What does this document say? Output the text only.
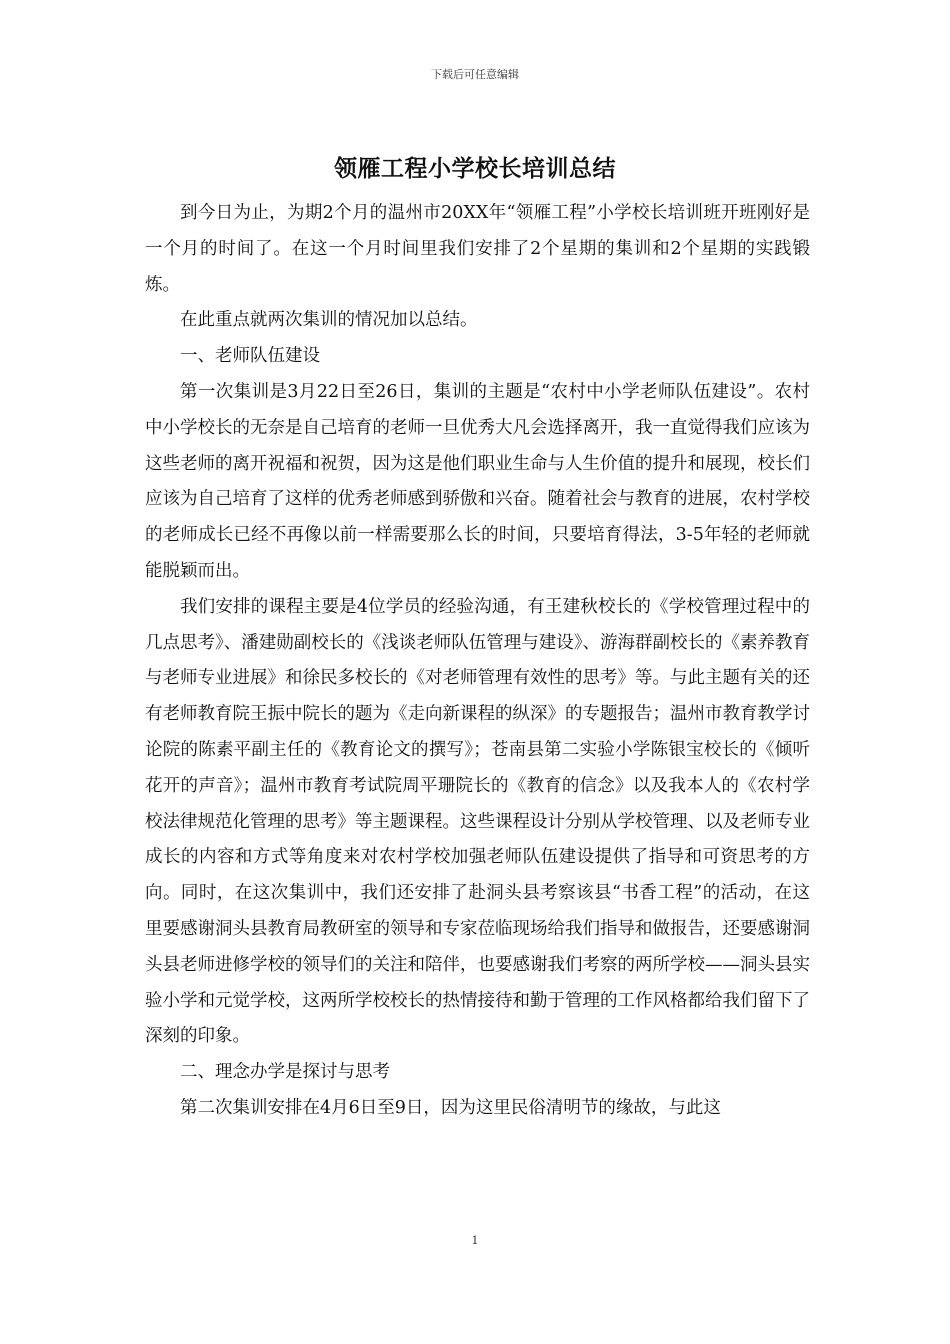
下载后可任意编辑
领雁工程小学校长培训总结

到今日为止，为期2个月的温州市20XX年“领雁工程”小学校长培训班开班刚好是一个月的时间了。在这一个月时间里我们安排了2个星期的集训和2个星期的实践锻炼。

在此重点就两次集训的情况加以总结。

一、老师队伍建设

第一次集训是3月22日至26日，集训的主题是“农村中小学老师队伍建设”。农村中小学校长的无奈是自己培育的老师一旦优秀大凡会选择离开，我一直觉得我们应该为这些老师的离开祝福和祝贺，因为这是他们职业生命与人生价值的提升和展现，校长们应该为自己培育了这样的优秀老师感到骄傲和兴奋。随着社会与教育的进展，农村学校的老师成长已经不再像以前一样需要那么长的时间，只要培育得法，3-5年轻的老师就能脱颖而出。

我们安排的课程主要是4位学员的经验沟通，有王建秋校长的《学校管理过程中的几点思考》、潘建勋副校长的《浅谈老师队伍管理与建设》、游海群副校长的《素养教育与老师专业进展》和徐民多校长的《对老师管理有效性的思考》等。与此主题有关的还有老师教育院王振中院长的题为《走向新课程的纵深》的专题报告；温州市教育教学讨论院的陈素平副主任的《教育论文的撰写》；苍南县第二实验小学陈银宝校长的《倾听花开的声音》；温州市教育考试院周平珊院长的《教育的信念》以及我本人的《农村学校法律规范化管理的思考》等主题课程。这些课程设计分别从学校管理、以及老师专业成长的内容和方式等角度来对农村学校加强老师队伍建设提供了指导和可资思考的方向。同时，在这次集训中，我们还安排了赴洞头县考察该县“书香工程”的活动，在这里要感谢洞头县教育局教研室的领导和专家莅临现场给我们指导和做报告，还要感谢洞头县老师进修学校的领导们的关注和陪伴，也要感谢我们考察的两所学校——洞头县实验小学和元觉学校，这两所学校校长的热情接待和勤于管理的工作风格都给我们留下了深刻的印象。

二、理念办学是探讨与思考

第二次集训安排在4月6日至9日，因为这里民俗清明节的缘故，与此这

1
